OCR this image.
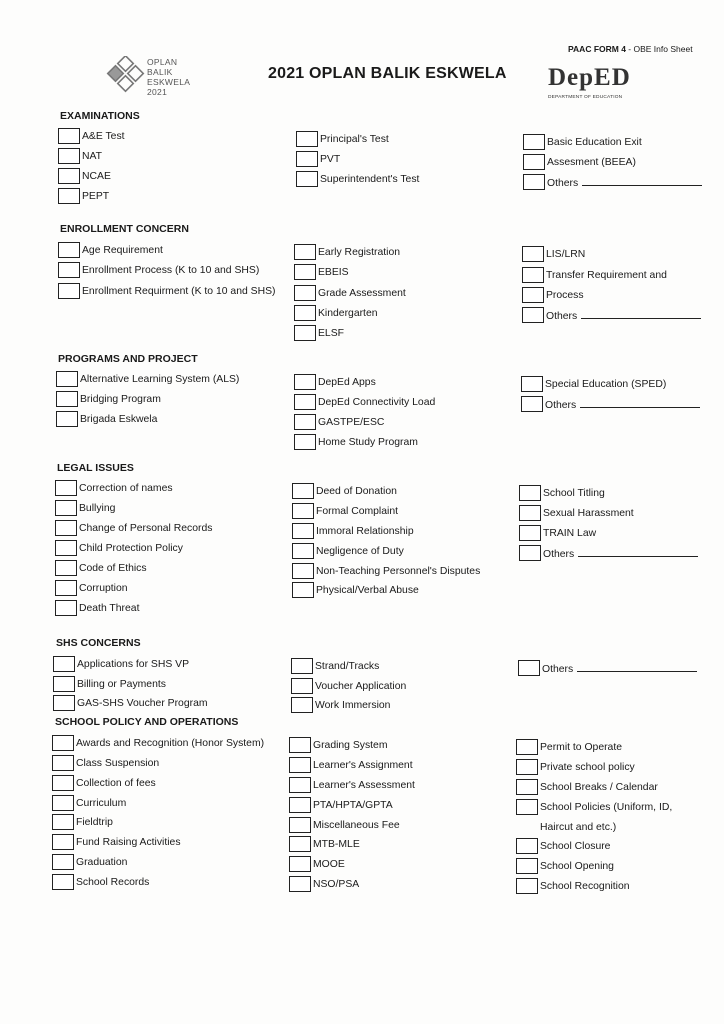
PAAC FORM 4 - OBE Info Sheet
OPLAN
BALIK
ESKWELA
2021
2021 OPLAN BALIK ESKWELA DepED
DEPARTMENT OF EDUCATION
EXAMINATIONS
ENROLLMENT CONCERN
PROGRAMS AND PROJECT
LEGAL ISSUES
SHS CONCERNS
SCHOOL POLICY AND OPERATIONS
A&E Test
NAT
NCAE
PEPT
Principal's Test
PVT
Superintendent's Test
Basic Education Exit
Assesment (BEEA)
Others
Age Requirement
Enrollment Process (K to 10 and SHS)
Enrollment Requirment (K to 10 and SHS)
Early Registration
EBEIS
Grade Assessment
Kindergarten
ELSF
LIS/LRN
Transfer Requirement and
Process
Others
Alternative Learning System (ALS)
Bridging Program
Brigada Eskwela
DepEd Apps
DepEd Connectivity Load
GASTPE/ESC
Home Study Program
Special Education (SPED)
Others
Correction of names
Bullying
Change of Personal Records
Child Protection Policy
Code of Ethics
Corruption
Death Threat
Deed of Donation
Formal Complaint
Immoral Relationship
Negligence of Duty
Non-Teaching Personnel's Disputes
Physical/Verbal Abuse
School Titling
Sexual Harassment
TRAIN Law
Others
Applications for SHS VP
Billing or Payments
GAS-SHS Voucher Program
Strand/Tracks
Voucher Application
Work Immersion
Others
Awards and Recognition (Honor System)
Class Suspension
Collection of fees
Curriculum
Fieldtrip
Fund Raising Activities
Graduation
School Records
Grading System
Learner's Assignment
Learner's Assessment
PTA/HPTA/GPTA
Miscellaneous Fee
MTB-MLE
MOOE
NSO/PSA
Permit to Operate
Private school policy
School Breaks / Calendar
School Policies (Uniform, ID,
Haircut and etc.)
School Closure
School Opening
School Recognition
